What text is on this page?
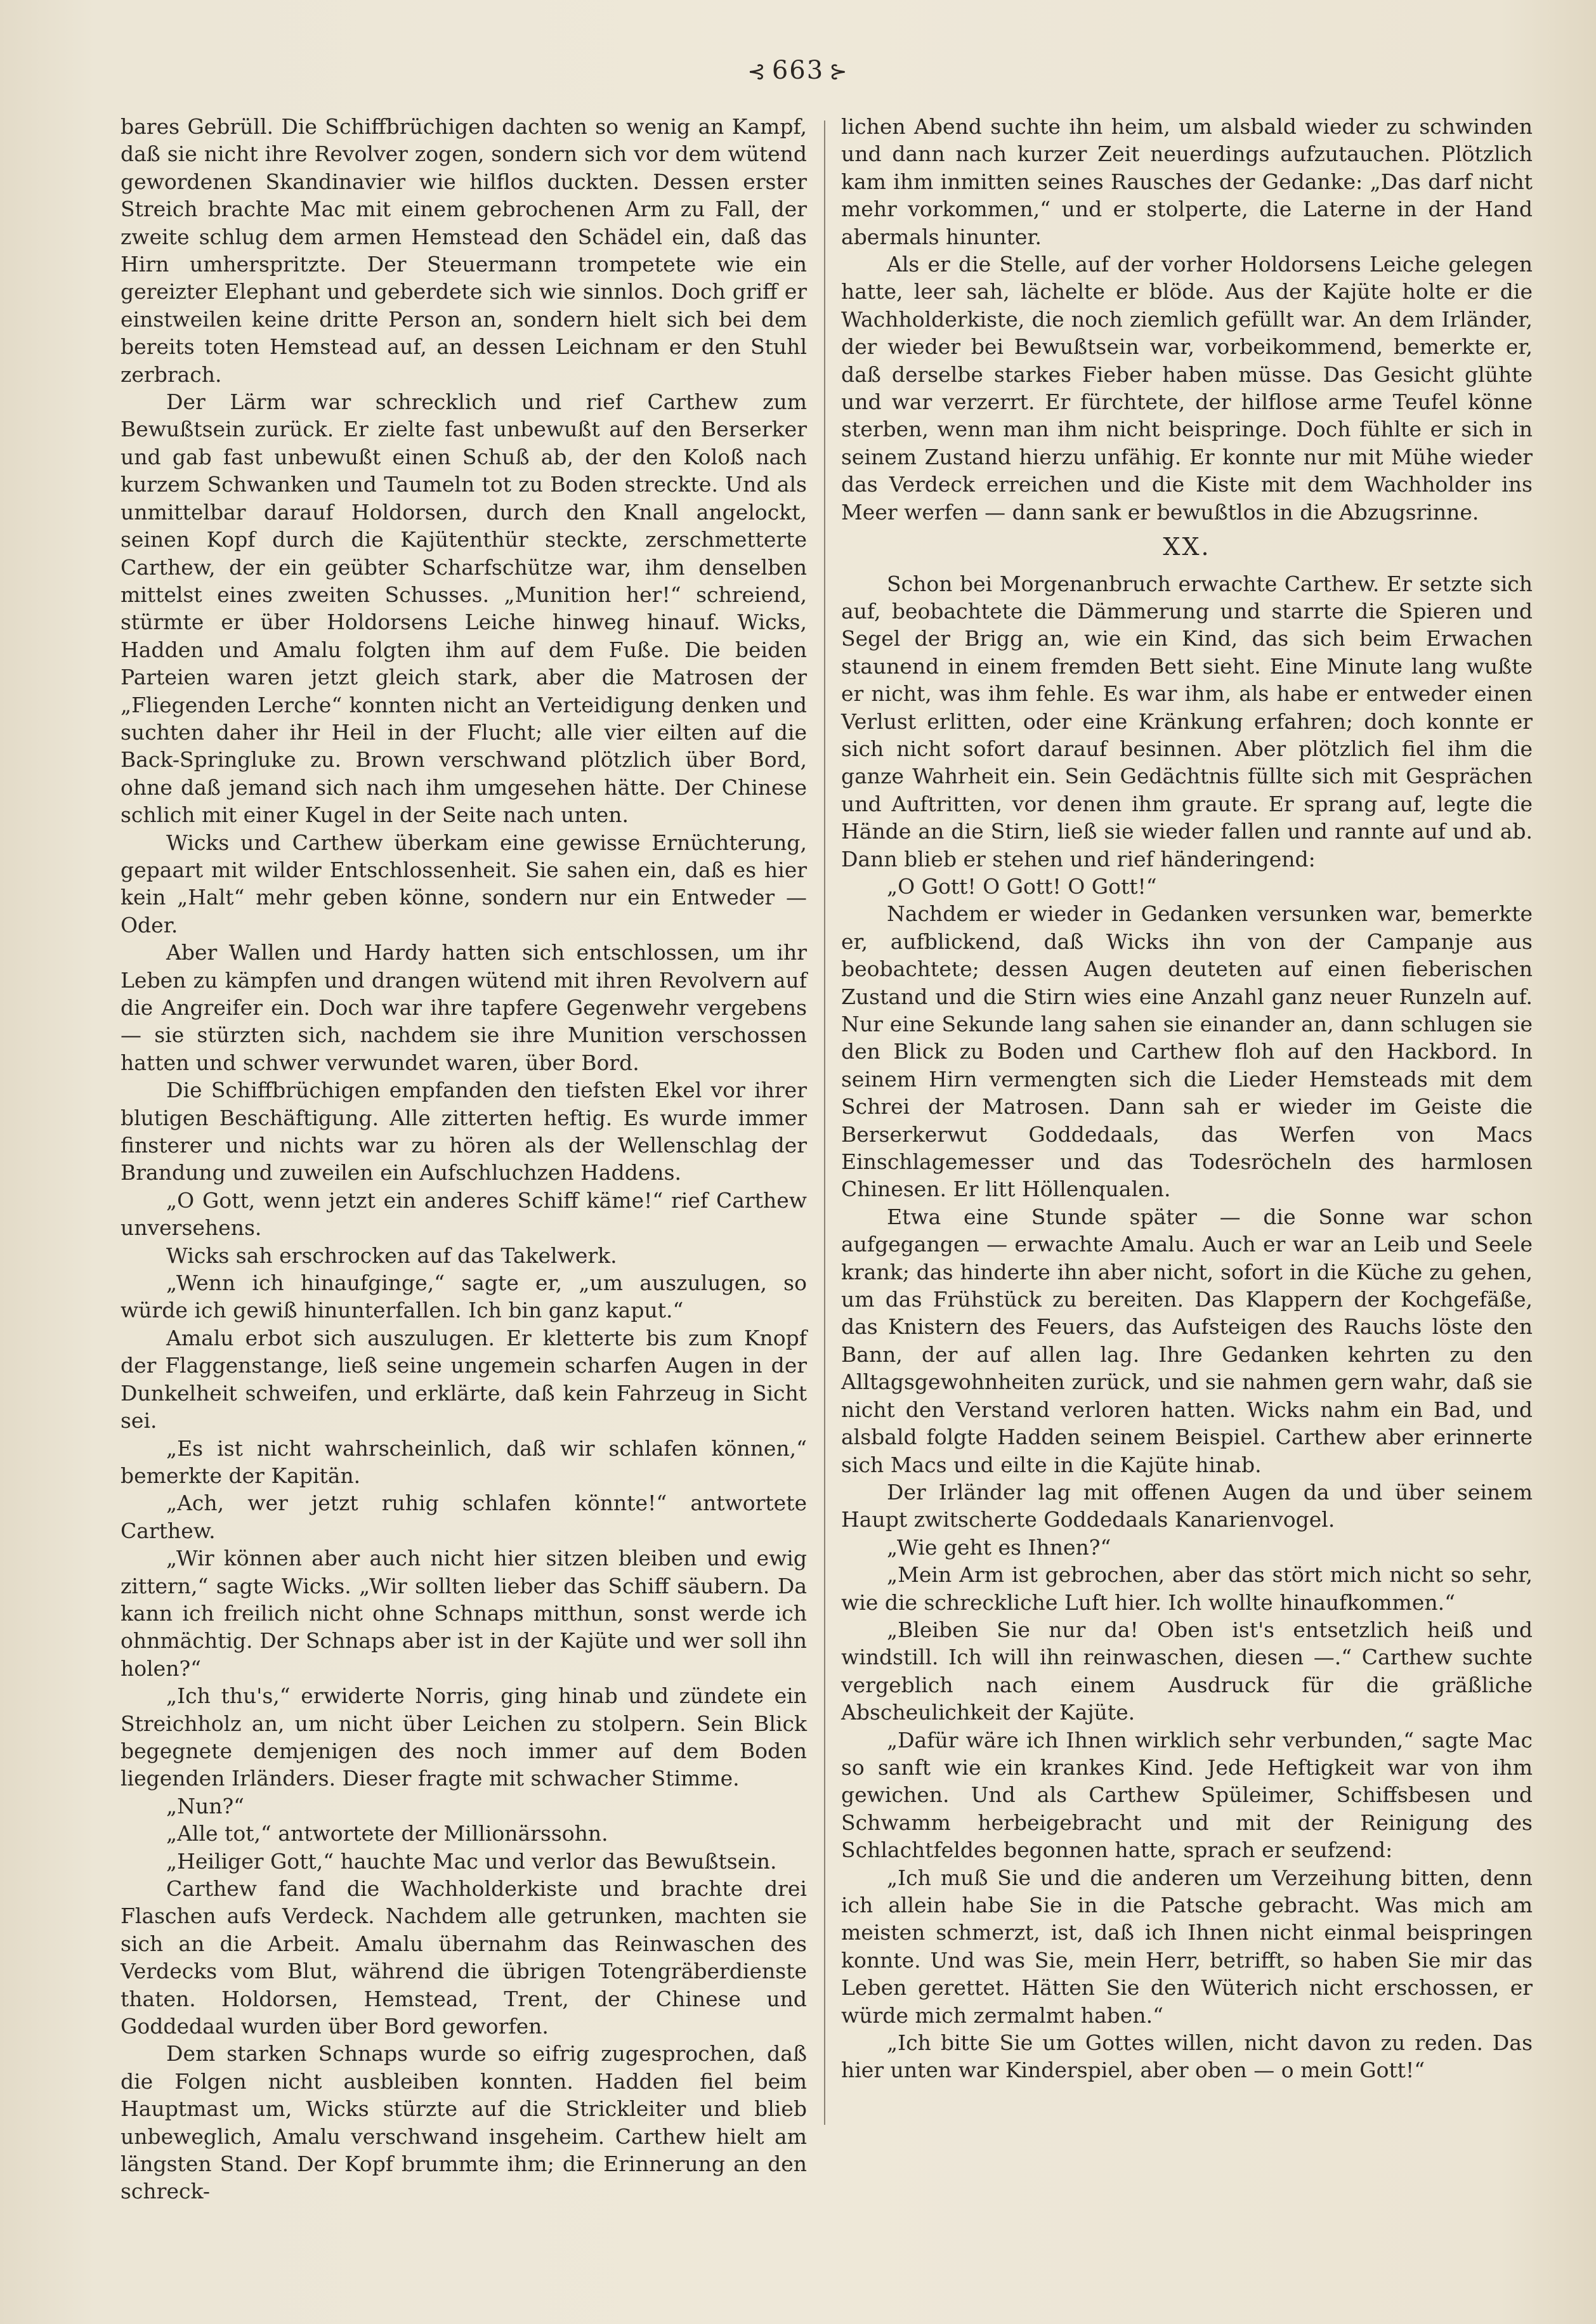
⊰ 663 ⊱

bares Gebrüll. Die Schiffbrüchigen dachten so wenig an Kampf, daß sie nicht ihre Revolver zogen, sondern sich vor dem wütend gewordenen Skandinavier wie hilflos duckten. Dessen erster Streich brachte Mac mit einem gebrochenen Arm zu Fall, der zweite schlug dem armen Hemstead den Schädel ein, daß das Hirn umherspritzte. Der Steuermann trompetete wie ein gereizter Elephant und geberdete sich wie sinnlos. Doch griff er einstweilen keine dritte Person an, sondern hielt sich bei dem bereits toten Hemstead auf, an dessen Leichnam er den Stuhl zerbrach.

Der Lärm war schrecklich und rief Carthew zum Bewußtsein zurück. Er zielte fast unbewußt auf den Berserker und gab fast unbewußt einen Schuß ab, der den Koloß nach kurzem Schwanken und Taumeln tot zu Boden streckte. Und als unmittelbar darauf Holdorsen, durch den Knall angelockt, seinen Kopf durch die Kajütenthür steckte, zerschmetterte Carthew, der ein geübter Scharfschütze war, ihm denselben mittelst eines zweiten Schusses. „Munition her!“ schreiend, stürmte er über Holdorsens Leiche hinweg hinauf. Wicks, Hadden und Amalu folgten ihm auf dem Fuße. Die beiden Parteien waren jetzt gleich stark, aber die Matrosen der „Fliegenden Lerche“ konnten nicht an Verteidigung denken und suchten daher ihr Heil in der Flucht; alle vier eilten auf die Back-Springluke zu. Brown verschwand plötzlich über Bord, ohne daß jemand sich nach ihm umgesehen hätte. Der Chinese schlich mit einer Kugel in der Seite nach unten.

Wicks und Carthew überkam eine gewisse Ernüchterung, gepaart mit wilder Entschlossenheit. Sie sahen ein, daß es hier kein „Halt“ mehr geben könne, sondern nur ein Entweder — Oder.

Aber Wallen und Hardy hatten sich entschlossen, um ihr Leben zu kämpfen und drangen wütend mit ihren Revolvern auf die Angreifer ein. Doch war ihre tapfere Gegenwehr vergebens — sie stürzten sich, nachdem sie ihre Munition verschossen hatten und schwer verwundet waren, über Bord.

Die Schiffbrüchigen empfanden den tiefsten Ekel vor ihrer blutigen Beschäftigung. Alle zitterten heftig. Es wurde immer finsterer und nichts war zu hören als der Wellenschlag der Brandung und zuweilen ein Aufschluchzen Haddens.

„O Gott, wenn jetzt ein anderes Schiff käme!“ rief Carthew unversehens.

Wicks sah erschrocken auf das Takelwerk.

„Wenn ich hinaufginge,“ sagte er, „um auszulugen, so würde ich gewiß hinunterfallen. Ich bin ganz kaput.“

Amalu erbot sich auszulugen. Er kletterte bis zum Knopf der Flaggenstange, ließ seine ungemein scharfen Augen in der Dunkelheit schweifen, und erklärte, daß kein Fahrzeug in Sicht sei.

„Es ist nicht wahrscheinlich, daß wir schlafen können,“ bemerkte der Kapitän.

„Ach, wer jetzt ruhig schlafen könnte!“ antwortete Carthew.

„Wir können aber auch nicht hier sitzen bleiben und ewig zittern,“ sagte Wicks. „Wir sollten lieber das Schiff säubern. Da kann ich freilich nicht ohne Schnaps mitthun, sonst werde ich ohnmächtig. Der Schnaps aber ist in der Kajüte und wer soll ihn holen?“

„Ich thu's,“ erwiderte Norris, ging hinab und zündete ein Streichholz an, um nicht über Leichen zu stolpern. Sein Blick begegnete demjenigen des noch immer auf dem Boden liegenden Irländers. Dieser fragte mit schwacher Stimme.

„Nun?“

„Alle tot,“ antwortete der Millionärssohn.

„Heiliger Gott,“ hauchte Mac und verlor das Bewußtsein.

Carthew fand die Wachholderkiste und brachte drei Flaschen aufs Verdeck. Nachdem alle getrunken, machten sie sich an die Arbeit. Amalu übernahm das Reinwaschen des Verdecks vom Blut, während die übrigen Totengräberdienste thaten. Holdorsen, Hemstead, Trent, der Chinese und Goddedaal wurden über Bord geworfen.

Dem starken Schnaps wurde so eifrig zugesprochen, daß die Folgen nicht ausbleiben konnten. Hadden fiel beim Hauptmast um, Wicks stürzte auf die Strickleiter und blieb unbeweglich, Amalu verschwand insgeheim. Carthew hielt am längsten Stand. Der Kopf brummte ihm; die Erinnerung an den schreck-

lichen Abend suchte ihn heim, um alsbald wieder zu schwinden und dann nach kurzer Zeit neuerdings aufzutauchen. Plötzlich kam ihm inmitten seines Rausches der Gedanke: „Das darf nicht mehr vorkommen,“ und er stolperte, die Laterne in der Hand abermals hinunter.

Als er die Stelle, auf der vorher Holdorsens Leiche gelegen hatte, leer sah, lächelte er blöde. Aus der Kajüte holte er die Wachholderkiste, die noch ziemlich gefüllt war. An dem Irländer, der wieder bei Bewußtsein war, vorbeikommend, bemerkte er, daß derselbe starkes Fieber haben müsse. Das Gesicht glühte und war verzerrt. Er fürchtete, der hilflose arme Teufel könne sterben, wenn man ihm nicht beispringe. Doch fühlte er sich in seinem Zustand hierzu unfähig. Er konnte nur mit Mühe wieder das Verdeck erreichen und die Kiste mit dem Wachholder ins Meer werfen — dann sank er bewußtlos in die Abzugsrinne.

XX.

Schon bei Morgenanbruch erwachte Carthew. Er setzte sich auf, beobachtete die Dämmerung und starrte die Spieren und Segel der Brigg an, wie ein Kind, das sich beim Erwachen staunend in einem fremden Bett sieht. Eine Minute lang wußte er nicht, was ihm fehle. Es war ihm, als habe er entweder einen Verlust erlitten, oder eine Kränkung erfahren; doch konnte er sich nicht sofort darauf besinnen. Aber plötzlich fiel ihm die ganze Wahrheit ein. Sein Gedächtnis füllte sich mit Gesprächen und Auftritten, vor denen ihm graute. Er sprang auf, legte die Hände an die Stirn, ließ sie wieder fallen und rannte auf und ab. Dann blieb er stehen und rief händeringend:

„O Gott! O Gott! O Gott!“

Nachdem er wieder in Gedanken versunken war, bemerkte er, aufblickend, daß Wicks ihn von der Campanje aus beobachtete; dessen Augen deuteten auf einen fieberischen Zustand und die Stirn wies eine Anzahl ganz neuer Runzeln auf. Nur eine Sekunde lang sahen sie einander an, dann schlugen sie den Blick zu Boden und Carthew floh auf den Hackbord. In seinem Hirn vermengten sich die Lieder Hemsteads mit dem Schrei der Matrosen. Dann sah er wieder im Geiste die Berserkerwut Goddedaals, das Werfen von Macs Einschlagemesser und das Todesröcheln des harmlosen Chinesen. Er litt Höllenqualen.

Etwa eine Stunde später — die Sonne war schon aufgegangen — erwachte Amalu. Auch er war an Leib und Seele krank; das hinderte ihn aber nicht, sofort in die Küche zu gehen, um das Frühstück zu bereiten. Das Klappern der Kochgefäße, das Knistern des Feuers, das Aufsteigen des Rauchs löste den Bann, der auf allen lag. Ihre Gedanken kehrten zu den Alltagsgewohnheiten zurück, und sie nahmen gern wahr, daß sie nicht den Verstand verloren hatten. Wicks nahm ein Bad, und alsbald folgte Hadden seinem Beispiel. Carthew aber erinnerte sich Macs und eilte in die Kajüte hinab.

Der Irländer lag mit offenen Augen da und über seinem Haupt zwitscherte Goddedaals Kanarienvogel.

„Wie geht es Ihnen?“

„Mein Arm ist gebrochen, aber das stört mich nicht so sehr, wie die schreckliche Luft hier. Ich wollte hinaufkommen.“

„Bleiben Sie nur da! Oben ist's entsetzlich heiß und windstill. Ich will ihn reinwaschen, diesen —.“ Carthew suchte vergeblich nach einem Ausdruck für die gräßliche Abscheulichkeit der Kajüte.

„Dafür wäre ich Ihnen wirklich sehr verbunden,“ sagte Mac so sanft wie ein krankes Kind. Jede Heftigkeit war von ihm gewichen. Und als Carthew Spüleimer, Schiffsbesen und Schwamm herbeigebracht und mit der Reinigung des Schlachtfeldes begonnen hatte, sprach er seufzend:

„Ich muß Sie und die anderen um Verzeihung bitten, denn ich allein habe Sie in die Patsche gebracht. Was mich am meisten schmerzt, ist, daß ich Ihnen nicht einmal beispringen konnte. Und was Sie, mein Herr, betrifft, so haben Sie mir das Leben gerettet. Hätten Sie den Wüterich nicht erschossen, er würde mich zermalmt haben.“

„Ich bitte Sie um Gottes willen, nicht davon zu reden. Das hier unten war Kinderspiel, aber oben — o mein Gott!“
